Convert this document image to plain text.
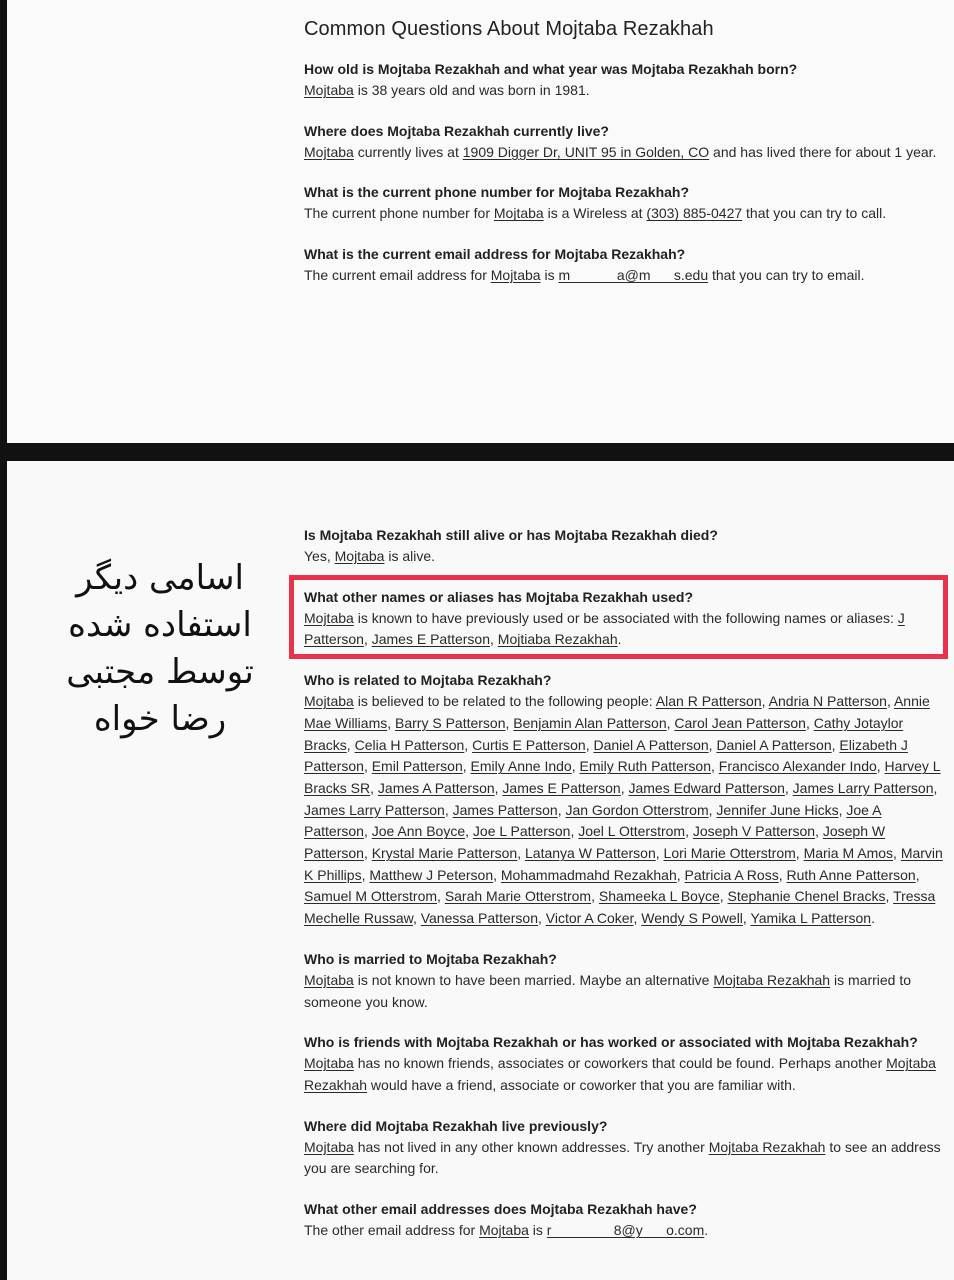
Common Questions About Mojtaba Rezakhah

How old is Mojtaba Rezakhah and what year was Mojtaba Rezakhah born?

Mojtaba is 38 years old and was born in 1981.

Where does Mojtaba Rezakhah currently live?

Mojtaba currently lives at 1909 Digger Dr, UNIT 95 in Golden, CO and has lived there for about 1 year.

What is the current phone number for Mojtaba Rezakhah?

The current phone number for Mojtaba is a Wireless at (303) 885-0427 that you can try to call.

What is the current email address for Mojtaba Rezakhah?

The current email address for Mojtaba is m______a@m___s.edu that you can try to email.

اسامی دیگر
استفاده شده
توسط مجتبی
رضا خواه

Is Mojtaba Rezakhah still alive or has Mojtaba Rezakhah died?

Yes, Mojtaba is alive.

What other names or aliases has Mojtaba Rezakhah used?

Mojtaba is known to have previously used or be associated with the following names or aliases: J Patterson, James E Patterson, Mojtiaba Rezakhah.

Who is related to Mojtaba Rezakhah?

Mojtaba is believed to be related to the following people: Alan R Patterson, Andria N Patterson, Annie Mae Williams, Barry S Patterson, Benjamin Alan Patterson, Carol Jean Patterson, Cathy Jotaylor Bracks, Celia H Patterson, Curtis E Patterson, Daniel A Patterson, Daniel A Patterson, Elizabeth J Patterson, Emil Patterson, Emily Anne Indo, Emily Ruth Patterson, Francisco Alexander Indo, Harvey L Bracks SR, James A Patterson, James E Patterson, James Edward Patterson, James Larry Patterson, James Larry Patterson, James Patterson, Jan Gordon Otterstrom, Jennifer June Hicks, Joe A Patterson, Joe Ann Boyce, Joe L Patterson, Joel L Otterstrom, Joseph V Patterson, Joseph W Patterson, Krystal Marie Patterson, Latanya W Patterson, Lori Marie Otterstrom, Maria M Amos, Marvin K Phillips, Matthew J Peterson, Mohammadmahd Rezakhah, Patricia A Ross, Ruth Anne Patterson, Samuel M Otterstrom, Sarah Marie Otterstrom, Shameeka L Boyce, Stephanie Chenel Bracks, Tressa Mechelle Russaw, Vanessa Patterson, Victor A Coker, Wendy S Powell, Yamika L Patterson.

Who is married to Mojtaba Rezakhah?

Mojtaba is not known to have been married. Maybe an alternative Mojtaba Rezakhah is married to someone you know.

Who is friends with Mojtaba Rezakhah or has worked or associated with Mojtaba Rezakhah?

Mojtaba has no known friends, associates or coworkers that could be found. Perhaps another Mojtaba Rezakhah would have a friend, associate or coworker that you are familiar with.

Where did Mojtaba Rezakhah live previously?

Mojtaba has not lived in any other known addresses. Try another Mojtaba Rezakhah to see an address you are searching for.

What other email addresses does Mojtaba Rezakhah have?

The other email address for Mojtaba is r________8@y___o.com.
